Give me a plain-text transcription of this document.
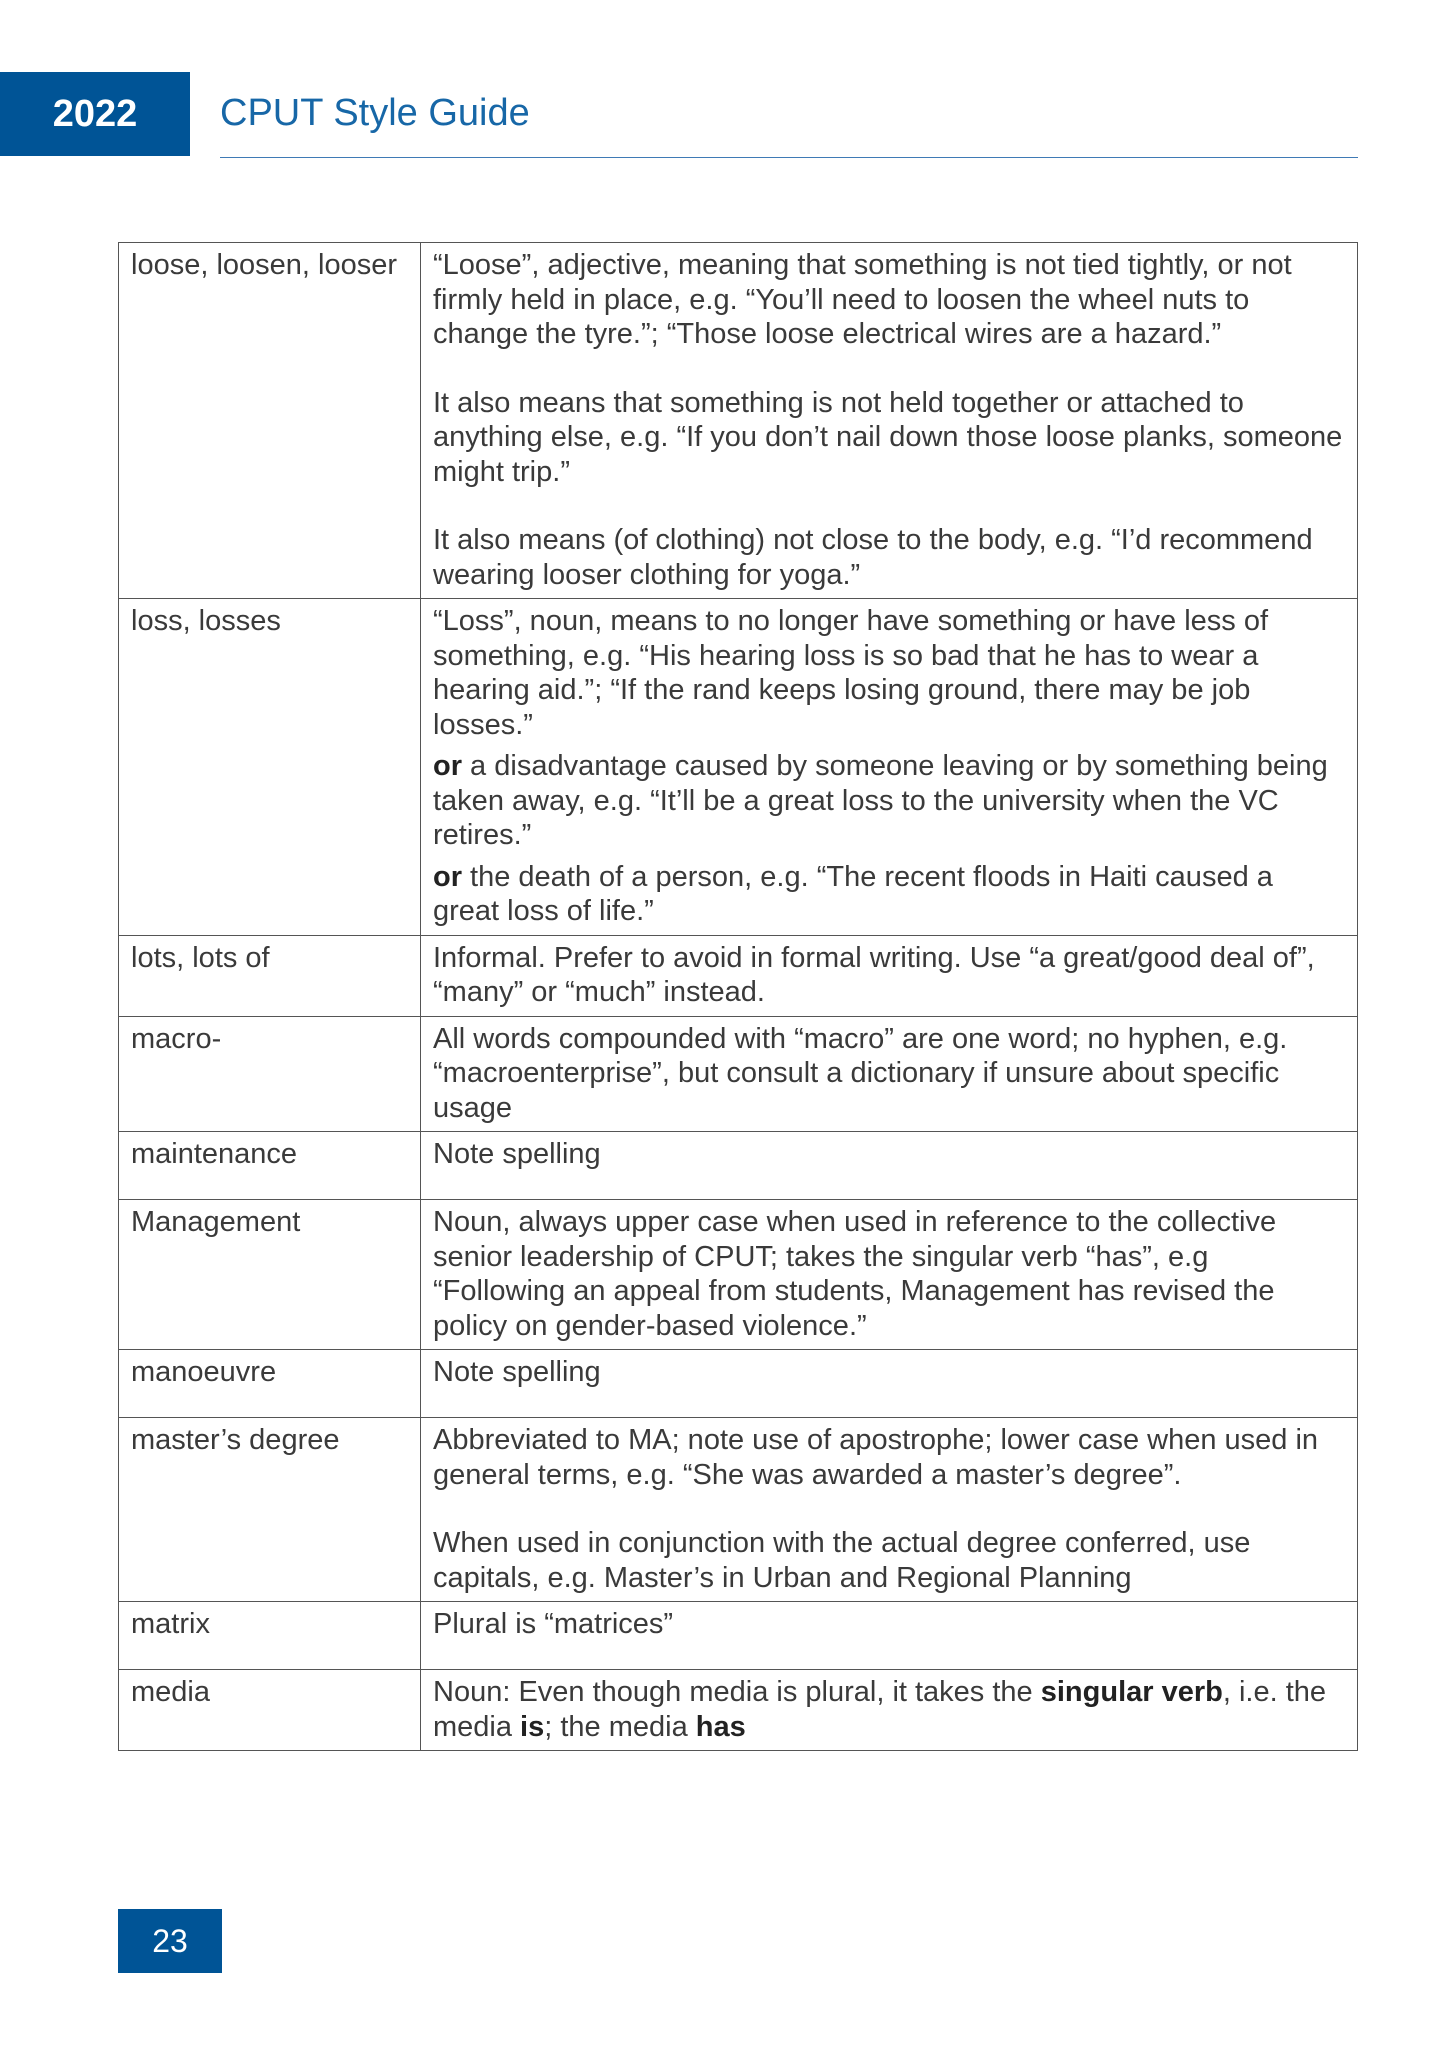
2022	CPUT Style Guide
loose, loosen, looser	“Loose”, adjective, meaning that something is not tied tightly, or not firmly held in place, e.g. “You’ll need to loosen the wheel nuts to change the tyre.”; “Those loose electrical wires are a hazard.”

It also means that something is not held together or attached to anything else, e.g. “If you don’t nail down those loose planks, someone might trip.”

It also means (of clothing) not close to the body, e.g. “I’d recommend wearing looser clothing for yoga.”

loss, losses	“Loss”, noun, means to no longer have something or have less of something, e.g. “His hearing loss is so bad that he has to wear a hearing aid.”; “If the rand keeps losing ground, there may be job losses.”

or a disadvantage caused by someone leaving or by something being taken away, e.g. “It’ll be a great loss to the university when the VC retires.”

or the death of a person, e.g. “The recent floods in Haiti caused a great loss of life.”

lots, lots of	Informal. Prefer to avoid in formal writing. Use “a great/good deal of”, “many” or “much” instead.

macro-	All words compounded with “macro” are one word; no hyphen, e.g. “macroenterprise”, but consult a dictionary if unsure about specific usage

maintenance	Note spelling

Management	Noun, always upper case when used in reference to the collective senior leadership of CPUT; takes the singular verb “has”, e.g “Following an appeal from students, Management has revised the policy on gender-based violence.”

manoeuvre	Note spelling

master’s degree	Abbreviated to MA; note use of apostrophe; lower case when used in general terms, e.g. “She was awarded a master’s degree”.

When used in conjunction with the actual degree conferred, use capitals, e.g. Master’s in Urban and Regional Planning

matrix	Plural is “matrices”

media	Noun: Even though media is plural, it takes the singular verb, i.e. the media is; the media has

23
